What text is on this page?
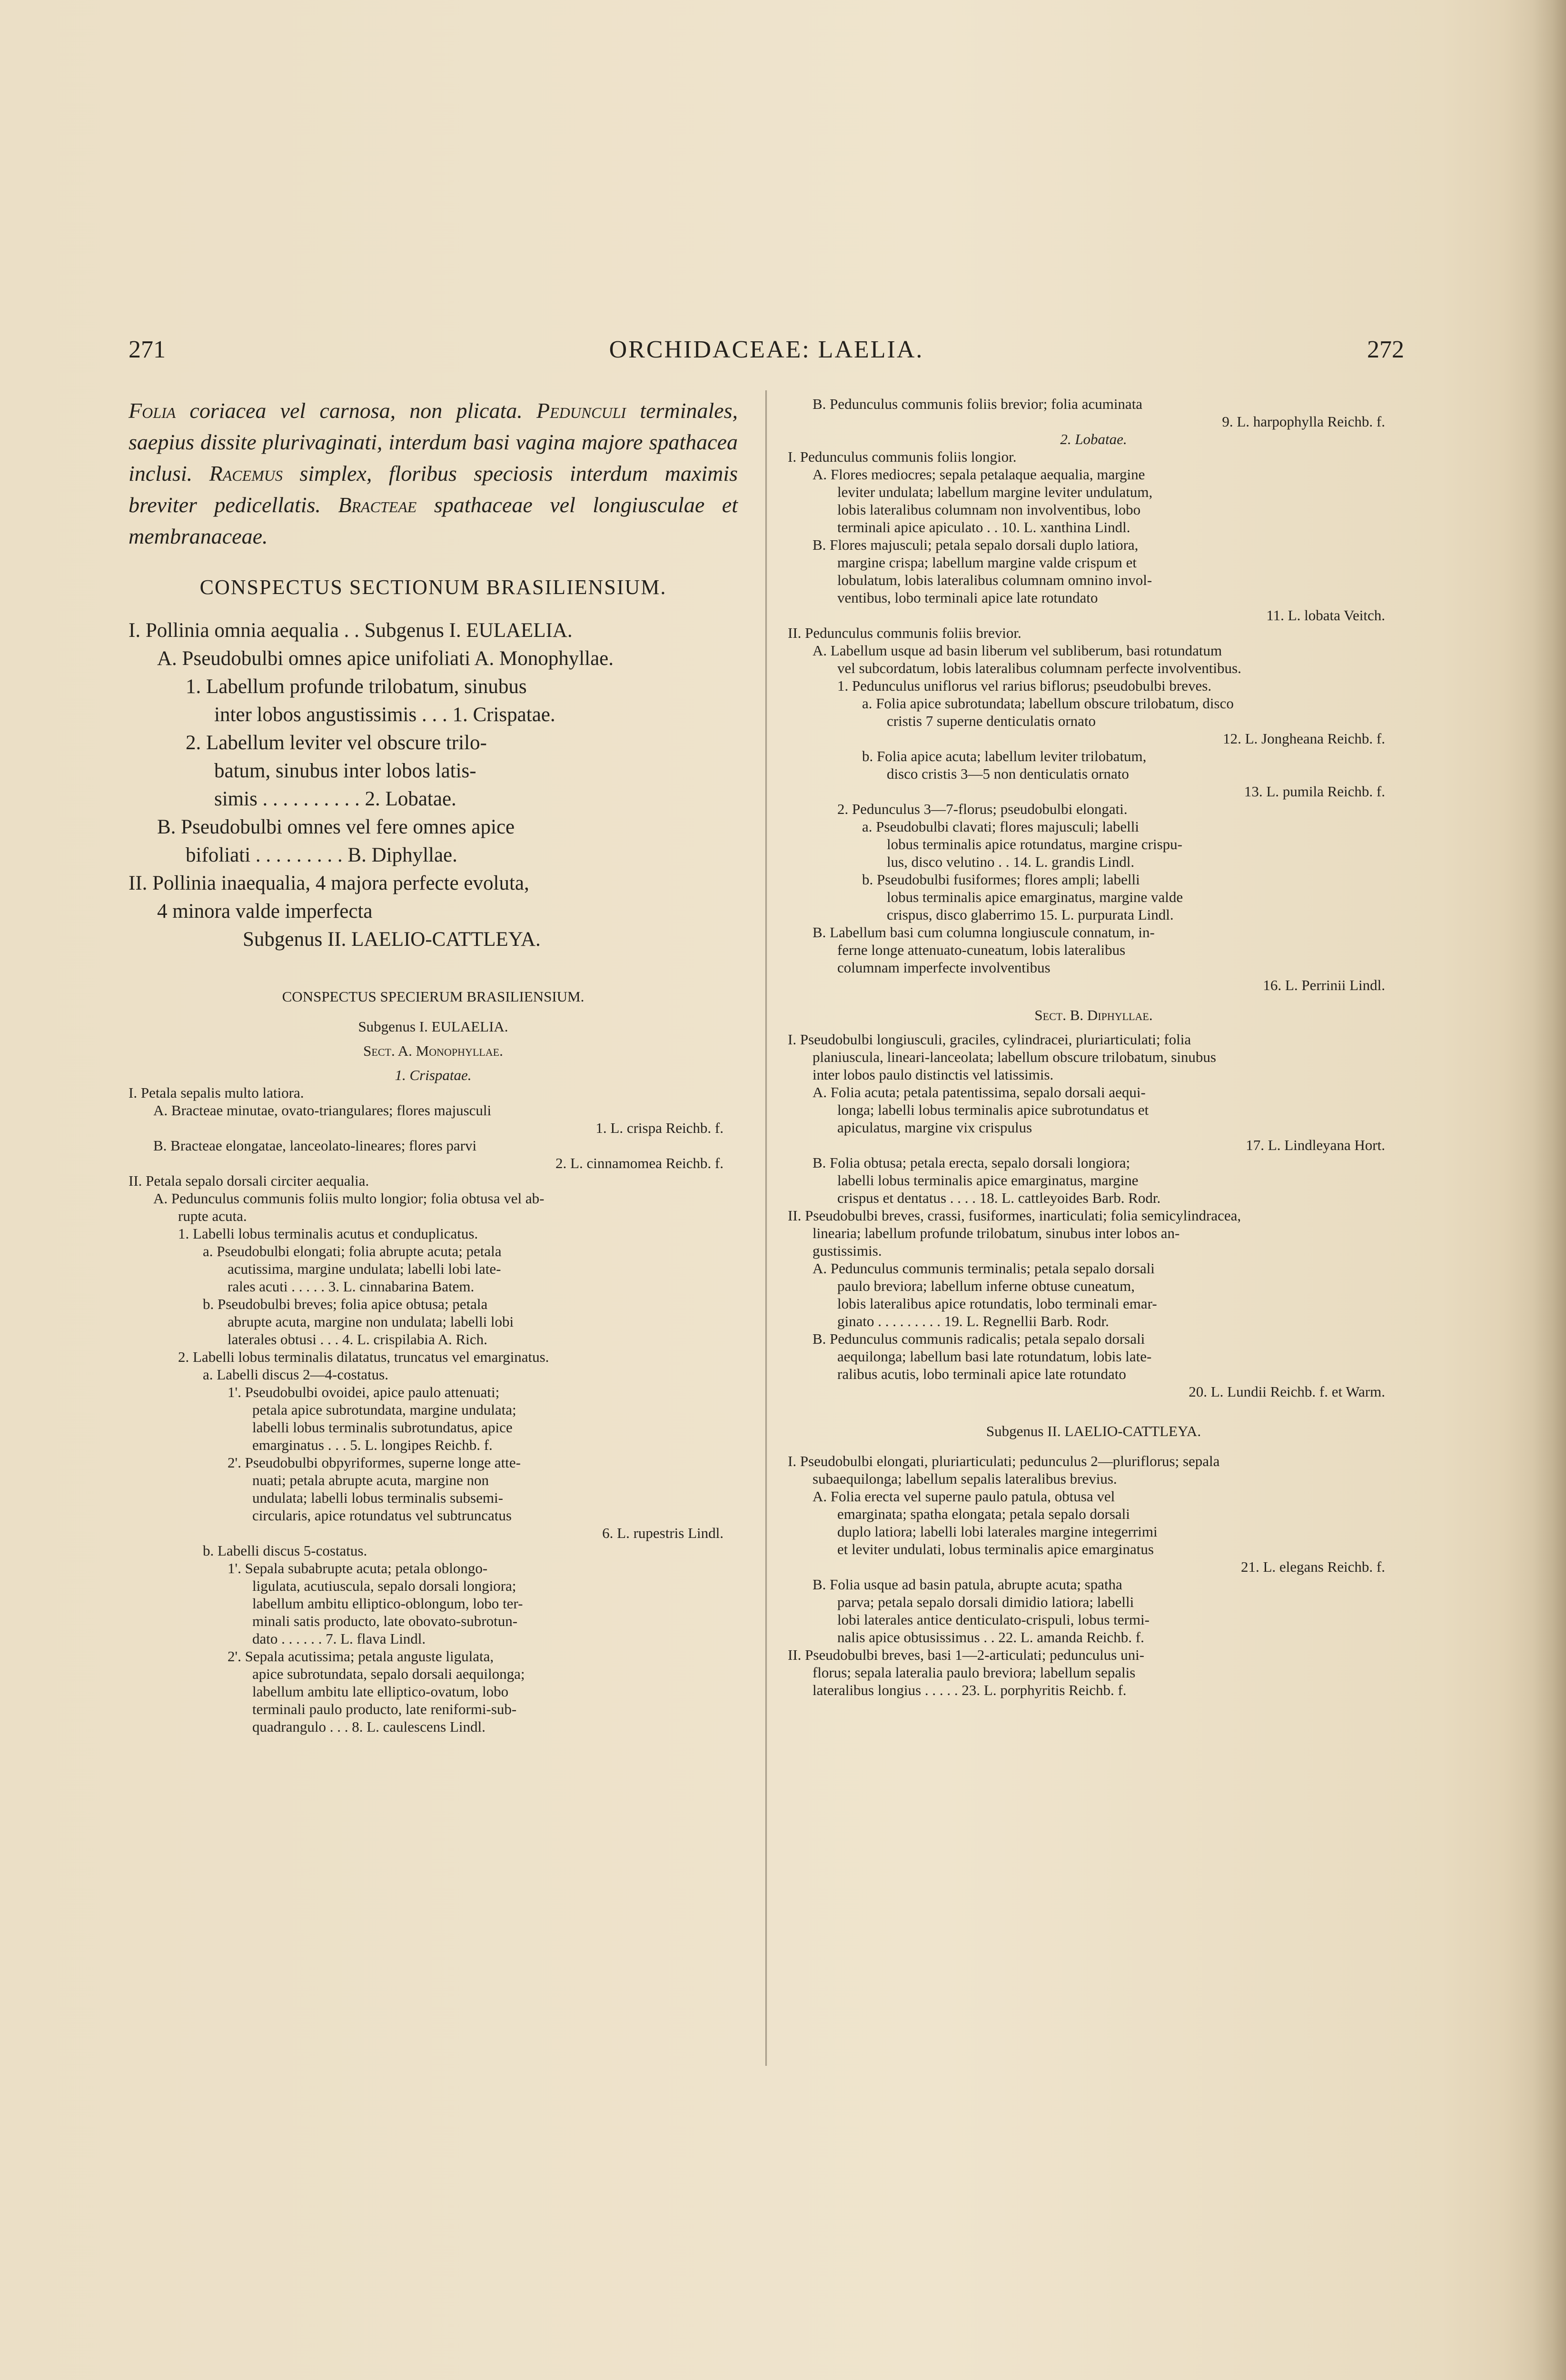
271	ORCHIDACEAE: LAELIA.	272

Folia coriacea vel carnosa, non plicata. Pedunculi terminales, saepius dissite plurivaginati, interdum basi vagina majore spathacea inclusi. Racemus simplex, floribus speciosis interdum maximis breviter pedicellatis. Bracteae spathaceae vel longiusculae et membranaceae.

CONSPECTUS SECTIONUM BRASILIENSIUM.
I. Pollinia omnia aequalia . . Subgenus I. EULAELIA.
A. Pseudobulbi omnes apice unifoliati A. Monophyllae.
1. Labellum profunde trilobatum, sinubus
inter lobos angustissimis . . . 1. Crispatae.
2. Labellum leviter vel obscure trilo-
batum, sinubus inter lobos latis-
simis . . . . . . . . . . 2. Lobatae.
B. Pseudobulbi omnes vel fere omnes apice
bifoliati . . . . . . . . . B. Diphyllae.
II. Pollinia inaequalia, 4 majora perfecte evoluta,
4 minora valde imperfecta
Subgenus II. LAELIO-CATTLEYA.
CONSPECTUS SPECIERUM BRASILIENSIUM.
Subgenus I. EULAELIA.
Sect. A. Monophyllae.
1. Crispatae.
I. Petala sepalis multo latiora.
A. Bracteae minutae, ovato-triangulares; flores majusculi
1. L. crispa Reichb. f.
B. Bracteae elongatae, lanceolato-lineares; flores parvi
2. L. cinnamomea Reichb. f.
II. Petala sepalo dorsali circiter aequalia.
A. Pedunculus communis foliis multo longior; folia obtusa vel ab-
rupte acuta.
1. Labelli lobus terminalis acutus et conduplicatus.
a. Pseudobulbi elongati; folia abrupte acuta; petala
acutissima, margine undulata; labelli lobi late-
rales acuti . . . . . 3. L. cinnabarina Batem.
b. Pseudobulbi breves; folia apice obtusa; petala
abrupte acuta, margine non undulata; labelli lobi
laterales obtusi . . . 4. L. crispilabia A. Rich.
2. Labelli lobus terminalis dilatatus, truncatus vel emarginatus.
a. Labelli discus 2—4-costatus.
1'. Pseudobulbi ovoidei, apice paulo attenuati;
petala apice subrotundata, margine undulata;
labelli lobus terminalis subrotundatus, apice
emarginatus . . . 5. L. longipes Reichb. f.
2'. Pseudobulbi obpyriformes, superne longe atte-
nuati; petala abrupte acuta, margine non
undulata; labelli lobus terminalis subsemi-
circularis, apice rotundatus vel subtruncatus
6. L. rupestris Lindl.
b. Labelli discus 5-costatus.
1'. Sepala subabrupte acuta; petala oblongo-
ligulata, acutiuscula, sepalo dorsali longiora;
labellum ambitu elliptico-oblongum, lobo ter-
minali satis producto, late obovato-subrotun-
dato . . . . . . 7. L. flava Lindl.
2'. Sepala acutissima; petala anguste ligulata,
apice subrotundata, sepalo dorsali aequilonga;
labellum ambitu late elliptico-ovatum, lobo
terminali paulo producto, late reniformi-sub-
quadrangulo . . . 8. L. caulescens Lindl.
B. Pedunculus communis foliis brevior; folia acuminata
9. L. harpophylla Reichb. f.
2. Lobatae.
I. Pedunculus communis foliis longior.
A. Flores mediocres; sepala petalaque aequalia, margine
leviter undulata; labellum margine leviter undulatum,
lobis lateralibus columnam non involventibus, lobo
terminali apice apiculato . . 10. L. xanthina Lindl.
B. Flores majusculi; petala sepalo dorsali duplo latiora,
margine crispa; labellum margine valde crispum et
lobulatum, lobis lateralibus columnam omnino invol-
ventibus, lobo terminali apice late rotundato
11. L. lobata Veitch.
II. Pedunculus communis foliis brevior.
A. Labellum usque ad basin liberum vel subliberum, basi rotundatum
vel subcordatum, lobis lateralibus columnam perfecte involventibus.
1. Pedunculus uniflorus vel rarius biflorus; pseudobulbi breves.
a. Folia apice subrotundata; labellum obscure trilobatum, disco
cristis 7 superne denticulatis ornato
12. L. Jongheana Reichb. f.
b. Folia apice acuta; labellum leviter trilobatum,
disco cristis 3—5 non denticulatis ornato
13. L. pumila Reichb. f.
2. Pedunculus 3—7-florus; pseudobulbi elongati.
a. Pseudobulbi clavati; flores majusculi; labelli
lobus terminalis apice rotundatus, margine crispu-
lus, disco velutino . . 14. L. grandis Lindl.
b. Pseudobulbi fusiformes; flores ampli; labelli
lobus terminalis apice emarginatus, margine valde
crispus, disco glaberrimo 15. L. purpurata Lindl.
B. Labellum basi cum columna longiuscule connatum, in-
ferne longe attenuato-cuneatum, lobis lateralibus
columnam imperfecte involventibus
16. L. Perrinii Lindl.
Sect. B. Diphyllae.
I. Pseudobulbi longiusculi, graciles, cylindracei, pluriarticulati; folia
planiuscula, lineari-lanceolata; labellum obscure trilobatum, sinubus
inter lobos paulo distinctis vel latissimis.
A. Folia acuta; petala patentissima, sepalo dorsali aequi-
longa; labelli lobus terminalis apice subrotundatus et
apiculatus, margine vix crispulus
17. L. Lindleyana Hort.
B. Folia obtusa; petala erecta, sepalo dorsali longiora;
labelli lobus terminalis apice emarginatus, margine
crispus et dentatus . . . . 18. L. cattleyoides Barb. Rodr.
II. Pseudobulbi breves, crassi, fusiformes, inarticulati; folia semicylindracea,
linearia; labellum profunde trilobatum, sinubus inter lobos an-
gustissimis.
A. Pedunculus communis terminalis; petala sepalo dorsali
paulo breviora; labellum inferne obtuse cuneatum,
lobis lateralibus apice rotundatis, lobo terminali emar-
ginato . . . . . . . . . 19. L. Regnellii Barb. Rodr.
B. Pedunculus communis radicalis; petala sepalo dorsali
aequilonga; labellum basi late rotundatum, lobis late-
ralibus acutis, lobo terminali apice late rotundato
20. L. Lundii Reichb. f. et Warm.
Subgenus II. LAELIO-CATTLEYA.
I. Pseudobulbi elongati, pluriarticulati; pedunculus 2—pluriflorus; sepala
subaequilonga; labellum sepalis lateralibus brevius.
A. Folia erecta vel superne paulo patula, obtusa vel
emarginata; spatha elongata; petala sepalo dorsali
duplo latiora; labelli lobi laterales margine integerrimi
et leviter undulati, lobus terminalis apice emarginatus
21. L. elegans Reichb. f.
B. Folia usque ad basin patula, abrupte acuta; spatha
parva; petala sepalo dorsali dimidio latiora; labelli
lobi laterales antice denticulato-crispuli, lobus termi-
nalis apice obtusissimus . . 22. L. amanda Reichb. f.
II. Pseudobulbi breves, basi 1—2-articulati; pedunculus uni-
florus; sepala lateralia paulo breviora; labellum sepalis
lateralibus longius . . . . . 23. L. porphyritis Reichb. f.
